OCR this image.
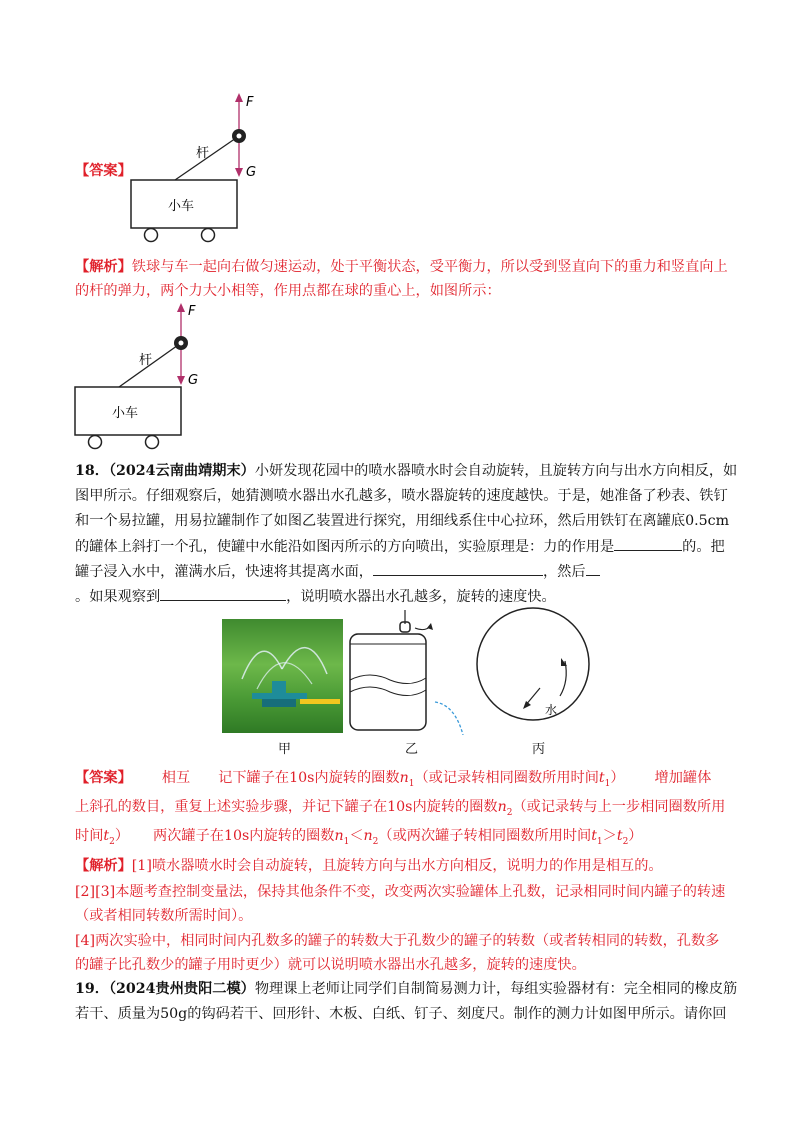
【答案】
F
G
杆
小车
【解析】铁球与车一起向右做匀速运动，处于平衡状态，受平衡力，所以受到竖直向下的重力和竖直向上
的杆的弹力，两个力大小相等，作用点都在球的重心上，如图所示：
F
G
杆
小车
18．（2024云南曲靖期末）小妍发现花园中的喷水器喷水时会自动旋转，且旋转方向与出水方向相反，如
图甲所示。仔细观察后，她猜测喷水器出水孔越多，喷水器旋转的速度越快。于是，她准备了秒表、铁钉
和一个易拉罐，用易拉罐制作了如图乙装置进行探究，用细线系住中心拉环，然后用铁钉在离罐底0.5cm
的罐体上斜打一个孔，使罐中水能沿如图丙所示的方向喷出，实验原理是：力的作用是	的。把
罐子浸入水中，灌满水后，快速将其提离水面，	，然后
。如果观察到	，说明喷水器出水孔越多，旋转的速度快。
水
甲	乙	丙
【答案】 相互 记下罐子在10s内旋转的圈数$n_1$（或记录转相同圈数所用时间$t_1$） 增加罐体
上斜孔的数目，重复上述实验步骤，并记下罐子在10s内旋转的圈数$n_2$（或记录转与上一步相同圈数所用
时间$t_2$） 两次罐子在10s内旋转的圈数$n_1<n_2$（或两次罐子转相同圈数所用时间$t_1>t_2$）
【解析】[1]喷水器喷水时会自动旋转，且旋转方向与出水方向相反，说明力的作用是相互的。
[2][3]本题考查控制变量法，保持其他条件不变，改变两次实验罐体上孔数，记录相同时间内罐子的转速
（或者相同转数所需时间）。
[4]两次实验中，相同时间内孔数多的罐子的转数大于孔数少的罐子的转数（或者转相同的转数，孔数多
的罐子比孔数少的罐子用时更少）就可以说明喷水器出水孔越多，旋转的速度快。
19．（2024贵州贵阳二模）物理课上老师让同学们自制简易测力计，每组实验器材有：完全相同的橡皮筋
若干、质量为50g的钩码若干、回形针、木板、白纸、钉子、刻度尺。制作的测力计如图甲所示。请你回
